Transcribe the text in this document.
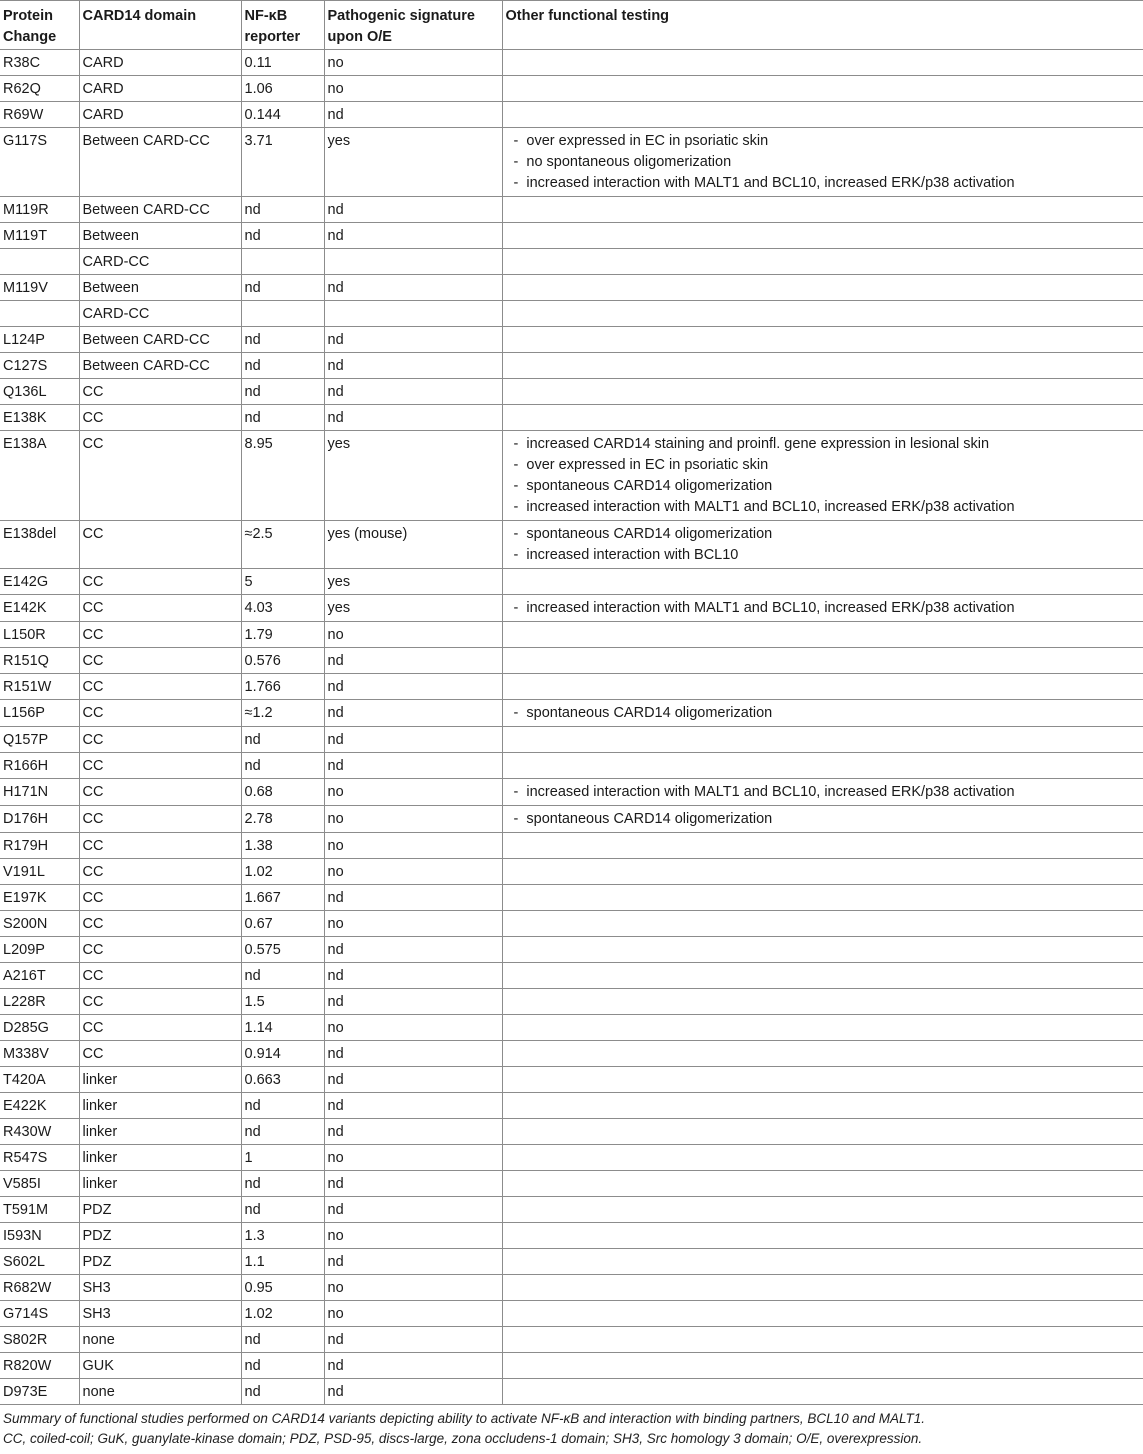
Protein Change	CARD14 domain	NF-κB reporter	Pathogenic signature upon O/E	Other functional testing
R38C	CARD	0.11	no	
R62Q	CARD	1.06	no	
R69W	CARD	0.144	nd	
G117S	Between CARD-CC	3.71	yes	- over expressed in EC in psoriatic skin
- no spontaneous oligomerization
- increased interaction with MALT1 and BCL10, increased ERK/p38 activation

M119R	Between CARD-CC	nd	nd	
M119T	Between	nd	nd	
	CARD-CC			
M119V	Between	nd	nd	
	CARD-CC			
L124P	Between CARD-CC	nd	nd	
C127S	Between CARD-CC	nd	nd	
Q136L	CC	nd	nd	
E138K	CC	nd	nd	
E138A	CC	8.95	yes	- increased CARD14 staining and proinfl. gene expression in lesional skin
- over expressed in EC in psoriatic skin
- spontaneous CARD14 oligomerization
- increased interaction with MALT1 and BCL10, increased ERK/p38 activation

E138del	CC	≈2.5	yes (mouse)	- spontaneous CARD14 oligomerization
- increased interaction with BCL10

E142G	CC	5	yes	
E142K	CC	4.03	yes	- increased interaction with MALT1 and BCL10, increased ERK/p38 activation

L150R	CC	1.79	no	
R151Q	CC	0.576	nd	
R151W	CC	1.766	nd	
L156P	CC	≈1.2	nd	- spontaneous CARD14 oligomerization

Q157P	CC	nd	nd	
R166H	CC	nd	nd	
H171N	CC	0.68	no	- increased interaction with MALT1 and BCL10, increased ERK/p38 activation

D176H	CC	2.78	no	- spontaneous CARD14 oligomerization

R179H	CC	1.38	no	
V191L	CC	1.02	no	
E197K	CC	1.667	nd	
S200N	CC	0.67	no	
L209P	CC	0.575	nd	
A216T	CC	nd	nd	
L228R	CC	1.5	nd	
D285G	CC	1.14	no	
M338V	CC	0.914	nd	
T420A	linker	0.663	nd	
E422K	linker	nd	nd	
R430W	linker	nd	nd	
R547S	linker	1	no	
V585I	linker	nd	nd	
T591M	PDZ	nd	nd	
I593N	PDZ	1.3	no	
S602L	PDZ	1.1	nd	
R682W	SH3	0.95	no	
G714S	SH3	1.02	no	
S802R	none	nd	nd	
R820W	GUK	nd	nd	
D973E	none	nd	nd	
Summary of functional studies performed on CARD14 variants depicting ability to activate NF-κB and interaction with binding partners, BCL10 and MALT1.
CC, coiled-coil; GuK, guanylate-kinase domain; PDZ, PSD-95, discs-large, zona occludens-1 domain; SH3, Src homology 3 domain; O/E, overexpression.
